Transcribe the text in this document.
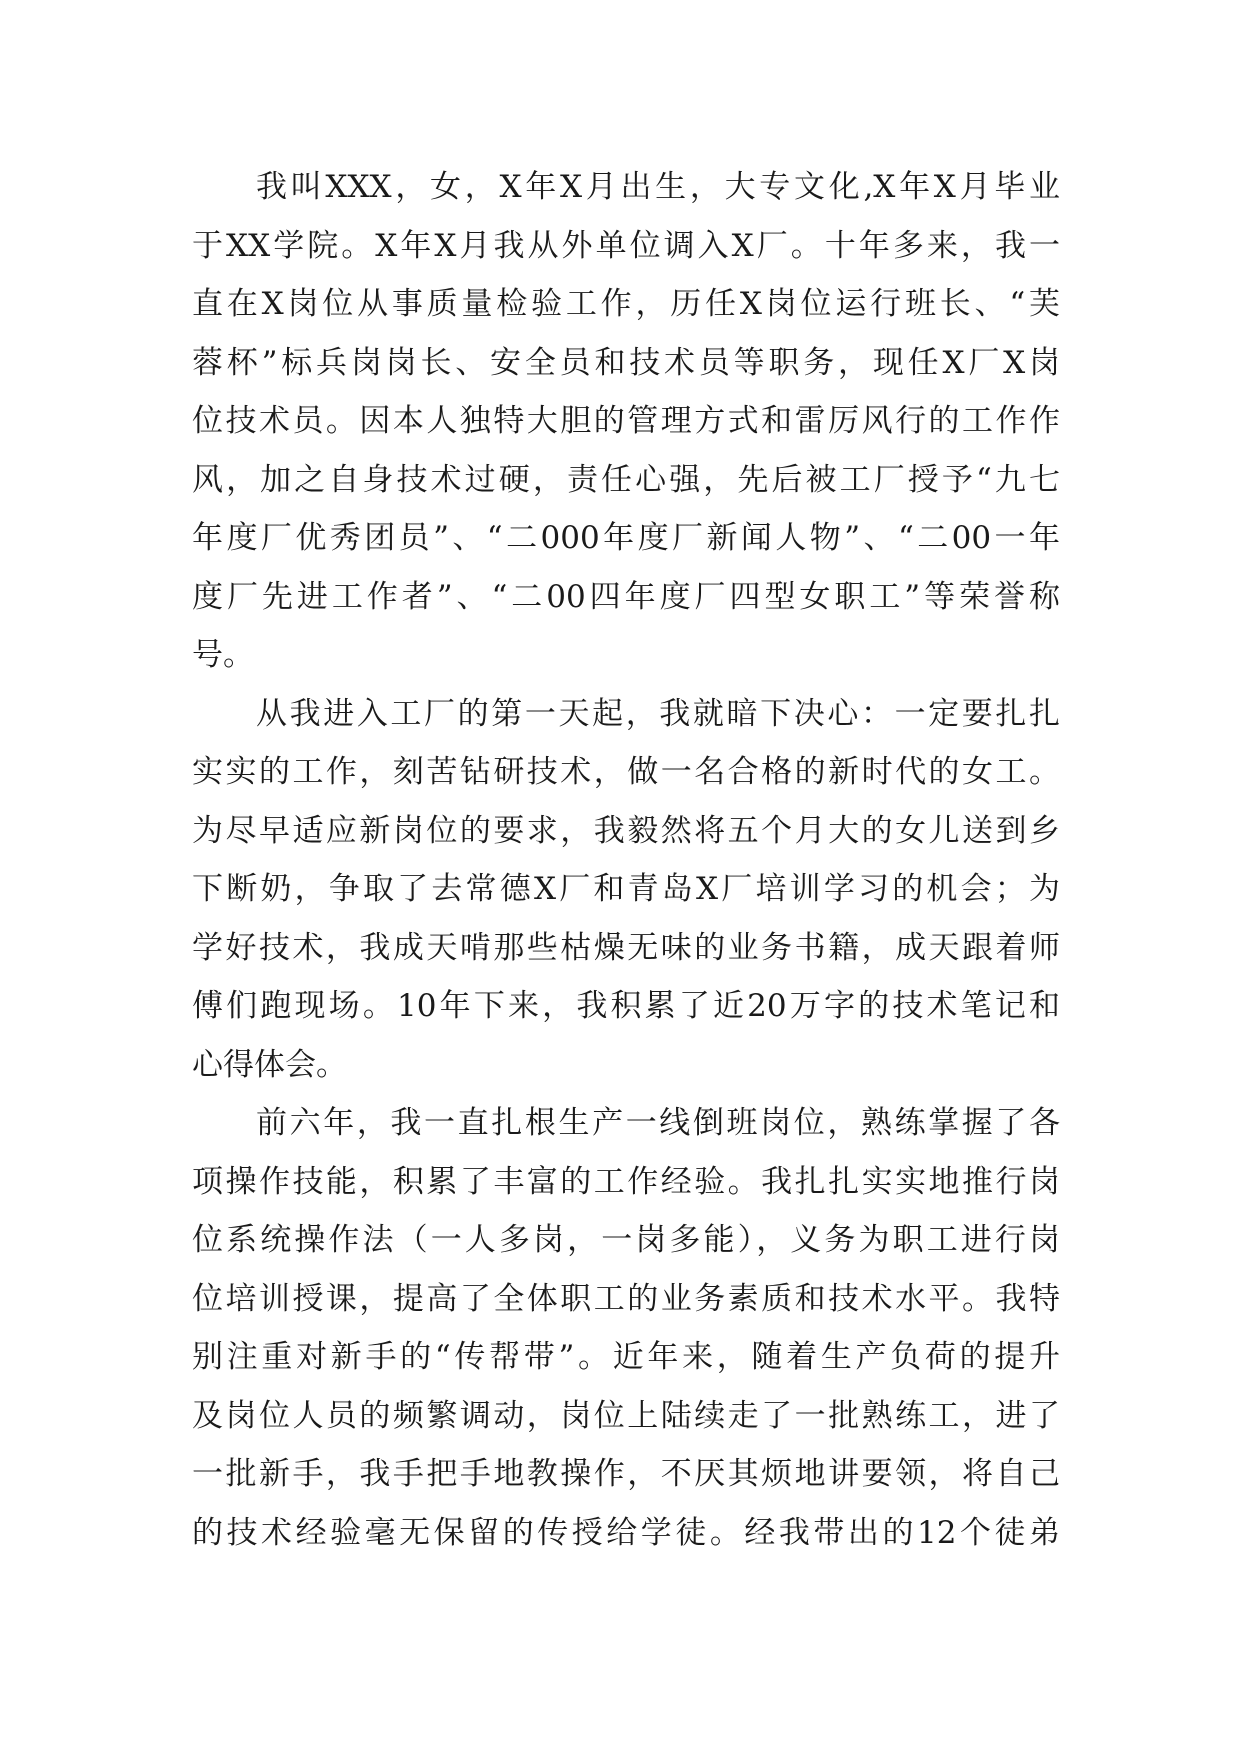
我叫XXX，女，X年X月出生，大专文化,X年X月毕业
于XX学院。X年X月我从外单位调入X厂。十年多来，我一
直在X岗位从事质量检验工作，历任X岗位运行班长、“芙
蓉杯”标兵岗岗长、安全员和技术员等职务，现任X厂X岗
位技术员。因本人独特大胆的管理方式和雷厉风行的工作作
风，加之自身技术过硬，责任心强，先后被工厂授予“九七
年度厂优秀团员”、“二000年度厂新闻人物”、“二00一年
度厂先进工作者”、“二00四年度厂四型女职工”等荣誉称
号。
从我进入工厂的第一天起，我就暗下决心：一定要扎扎
实实的工作，刻苦钻研技术，做一名合格的新时代的女工。
为尽早适应新岗位的要求，我毅然将五个月大的女儿送到乡
下断奶，争取了去常德X厂和青岛X厂培训学习的机会；为
学好技术，我成天啃那些枯燥无味的业务书籍，成天跟着师
傅们跑现场。10年下来，我积累了近20万字的技术笔记和
心得体会。
前六年，我一直扎根生产一线倒班岗位，熟练掌握了各
项操作技能，积累了丰富的工作经验。我扎扎实实地推行岗
位系统操作法（一人多岗，一岗多能），义务为职工进行岗
位培训授课，提高了全体职工的业务素质和技术水平。我特
别注重对新手的“传帮带”。近年来，随着生产负荷的提升
及岗位人员的频繁调动，岗位上陆续走了一批熟练工，进了
一批新手，我手把手地教操作，不厌其烦地讲要领，将自己
的技术经验毫无保留的传授给学徒。经我带出的12个徒弟
